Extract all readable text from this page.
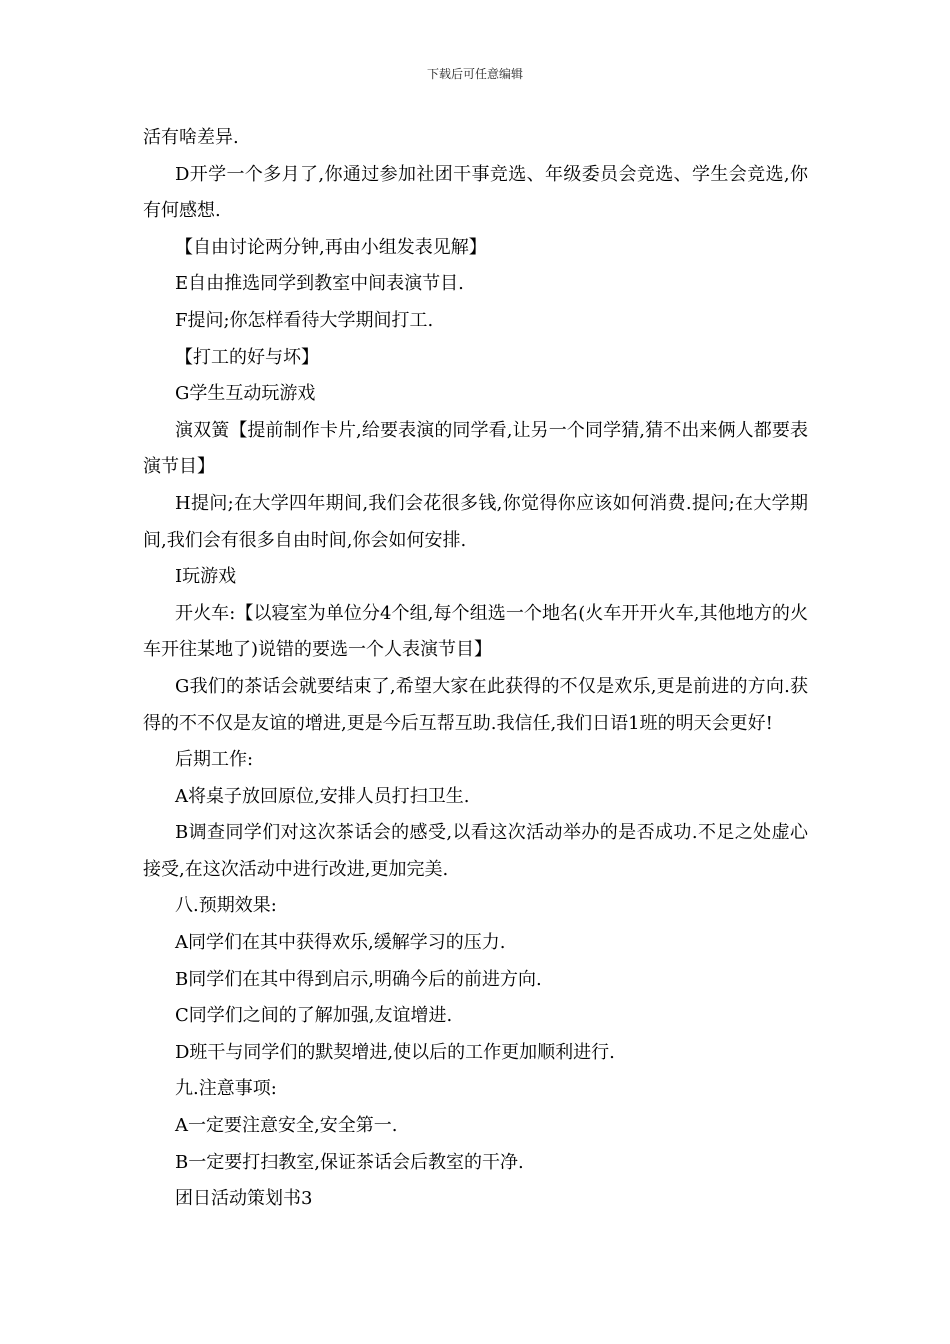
下载后可任意编辑

活有啥差异.

D开学一个多月了,你通过参加社团干事竞选、年级委员会竞选、学生会竞选,你有何感想.

【自由讨论两分钟,再由小组发表见解】

E自由推选同学到教室中间表演节目.

F提问;你怎样看待大学期间打工.

【打工的好与坏】

G学生互动玩游戏

演双簧【提前制作卡片,给要表演的同学看,让另一个同学猜,猜不出来俩人都要表演节目】

H提问;在大学四年期间,我们会花很多钱,你觉得你应该如何消费.提问;在大学期间,我们会有很多自由时间,你会如何安排.

I玩游戏

开火车:【以寝室为单位分4个组,每个组选一个地名(火车开开火车,其他地方的火车开往某地了)说错的要选一个人表演节目】

G我们的茶话会就要结束了,希望大家在此获得的不仅是欢乐,更是前进的方向.获得的不不仅是友谊的增进,更是今后互帮互助.我信任,我们日语1班的明天会更好!

后期工作:

A将桌子放回原位,安排人员打扫卫生.

B调查同学们对这次茶话会的感受,以看这次活动举办的是否成功.不足之处虚心接受,在这次活动中进行改进,更加完美.

八.预期效果:

A同学们在其中获得欢乐,缓解学习的压力.

B同学们在其中得到启示,明确今后的前进方向.

C同学们之间的了解加强,友谊增进.

D班干与同学们的默契增进,使以后的工作更加顺利进行.

九.注意事项:

A一定要注意安全,安全第一.

B一定要打扫教室,保证茶话会后教室的干净.

团日活动策划书3
